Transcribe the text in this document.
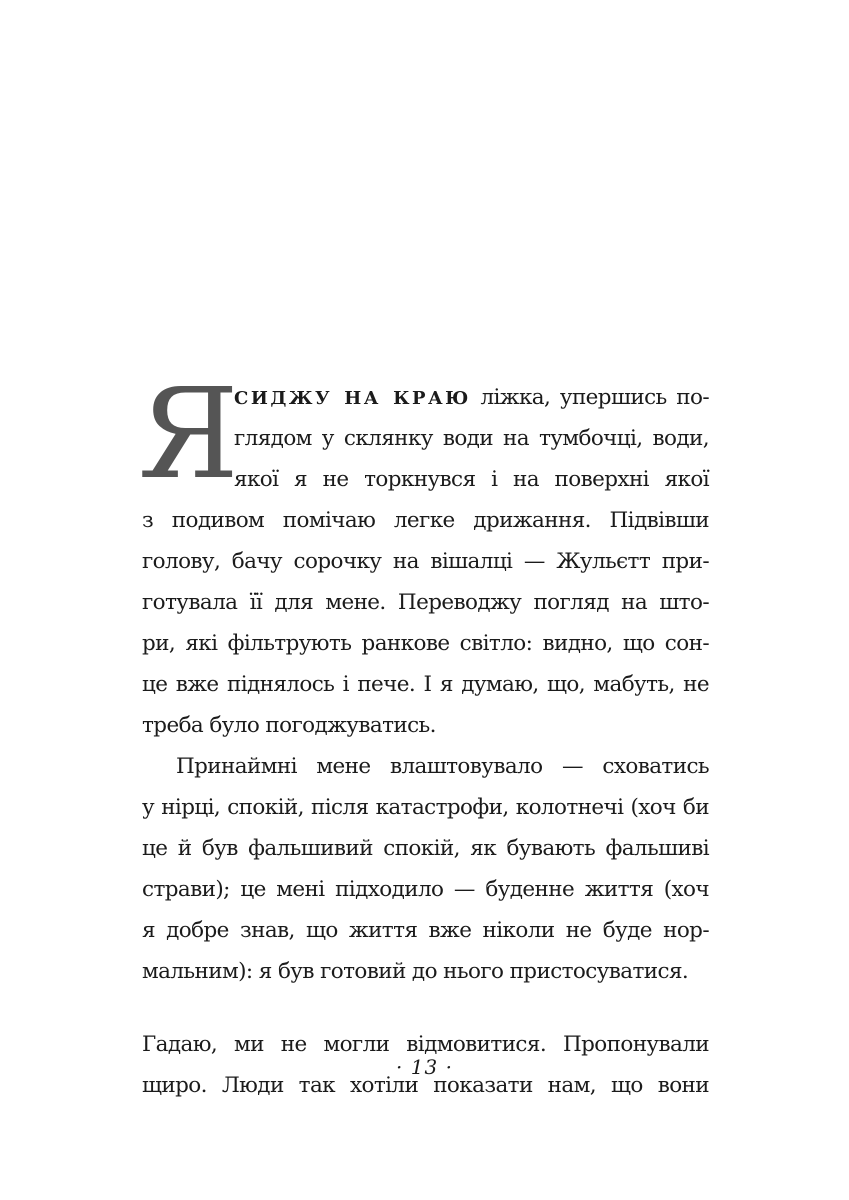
Я
СИДЖУ НА КРАЮ ліжка, упершись по-
глядом у склянку води на тумбочці, води,
якої я не торкнувся і на поверхні якої
з подивом помічаю легке дрижання. Підвівши
голову, бачу сорочку на вішалці — Жульєтт при-
готувала її для мене. Переводжу погляд на што-
ри, які фільтрують ранкове світло: видно, що сон-
це вже піднялось і пече. І я думаю, що, мабуть, не
треба було погоджуватись.
Принаймні мене влаштовувало — сховатись
у нірці, спокій, після катастрофи, колотнечі (хоч би
це й був фальшивий спокій, як бувають фальшиві
страви); це мені підходило — буденне життя (хоч
я добре знав, що життя вже ніколи не буде нор-
мальним): я був готовий до нього пристосуватися.
Гадаю, ми не могли відмовитися. Пропонували
щиро. Люди так хотіли показати нам, що вони
· 13 ·
